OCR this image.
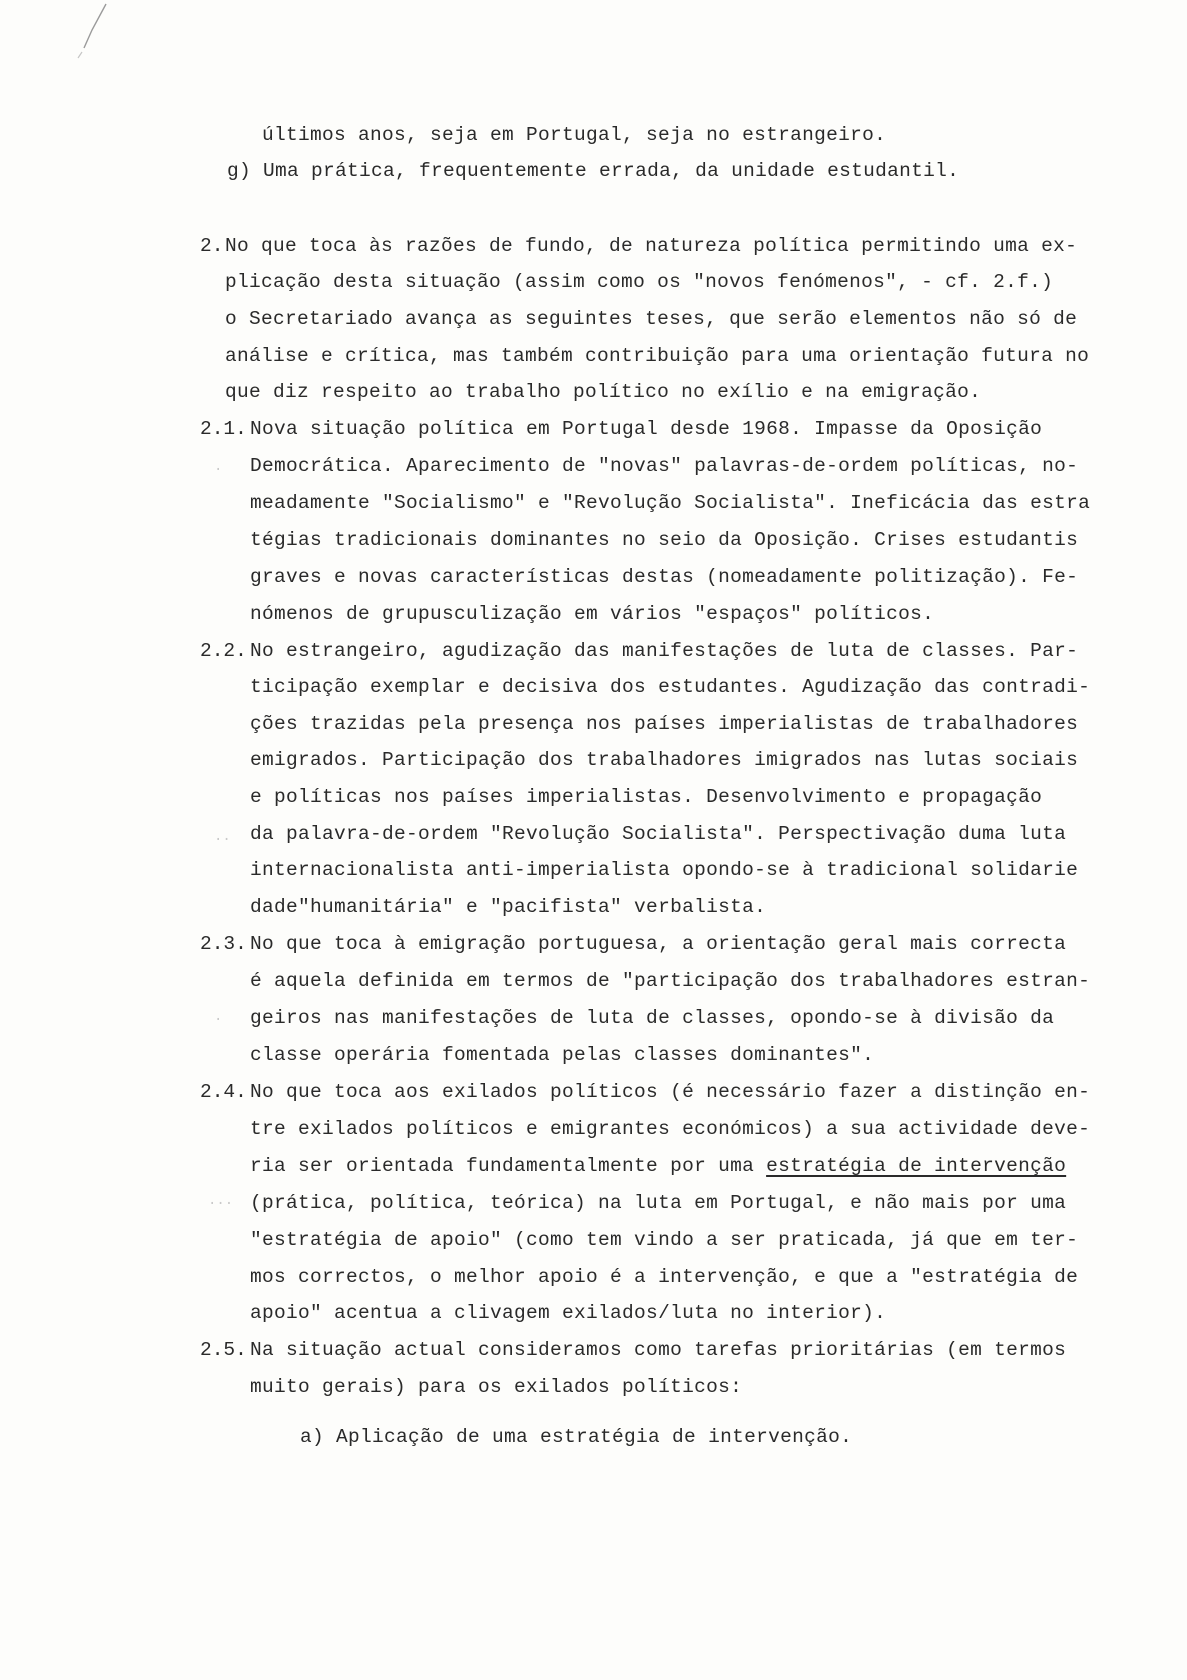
últimos anos, seja em Portugal, seja no estrangeiro.
g) Uma prática, frequentemente errada, da unidade estudantil.
2. No que toca às razões de fundo, de natureza política permitindo uma ex-
plicação desta situação (assim como os "novos fenómenos", - cf. 2.f.)
o Secretariado avança as seguintes teses, que serão elementos não só de
análise e crítica, mas também contribuição para uma orientação futura no
que diz respeito ao trabalho político no exílio e na emigração.
2.1. Nova situação política em Portugal desde 1968. Impasse da Oposição
Democrática. Aparecimento de "novas" palavras-de-ordem políticas, no-
meadamente "Socialismo" e "Revolução Socialista". Ineficácia das estra
tégias tradicionais dominantes no seio da Oposição. Crises estudantis
graves e novas características destas (nomeadamente politização). Fe-
nómenos de grupusculização em vários "espaços" políticos.
2.2. No estrangeiro, agudização das manifestações de luta de classes. Par-
ticipação exemplar e decisiva dos estudantes. Agudização das contradi-
ções trazidas pela presença nos países imperialistas de trabalhadores
emigrados. Participação dos trabalhadores imigrados nas lutas sociais
e políticas nos países imperialistas. Desenvolvimento e propagação
da palavra-de-ordem "Revolução Socialista". Perspectivação duma luta
internacionalista anti-imperialista opondo-se à tradicional solidarie
dade"humanitária" e "pacifista" verbalista.
2.3. No que toca à emigração portuguesa, a orientação geral mais correcta
é aquela definida em termos de "participação dos trabalhadores estran-
geiros nas manifestações de luta de classes, opondo-se à divisão da
classe operária fomentada pelas classes dominantes".
2.4. No que toca aos exilados políticos (é necessário fazer a distinção en-
tre exilados políticos e emigrantes económicos) a sua actividade deve-
ria ser orientada fundamentalmente por uma estratégia de intervenção
(prática, política, teórica) na luta em Portugal, e não mais por uma
"estratégia de apoio" (como tem vindo a ser praticada, já que em ter-
mos correctos, o melhor apoio é a intervenção, e que a "estratégia de
apoio" acentua a clivagem exilados/luta no interior).
2.5. Na situação actual consideramos como tarefas prioritárias (em termos
muito gerais) para os exilados políticos:
a) Aplicação de uma estratégia de intervenção.
·
··
·
···
